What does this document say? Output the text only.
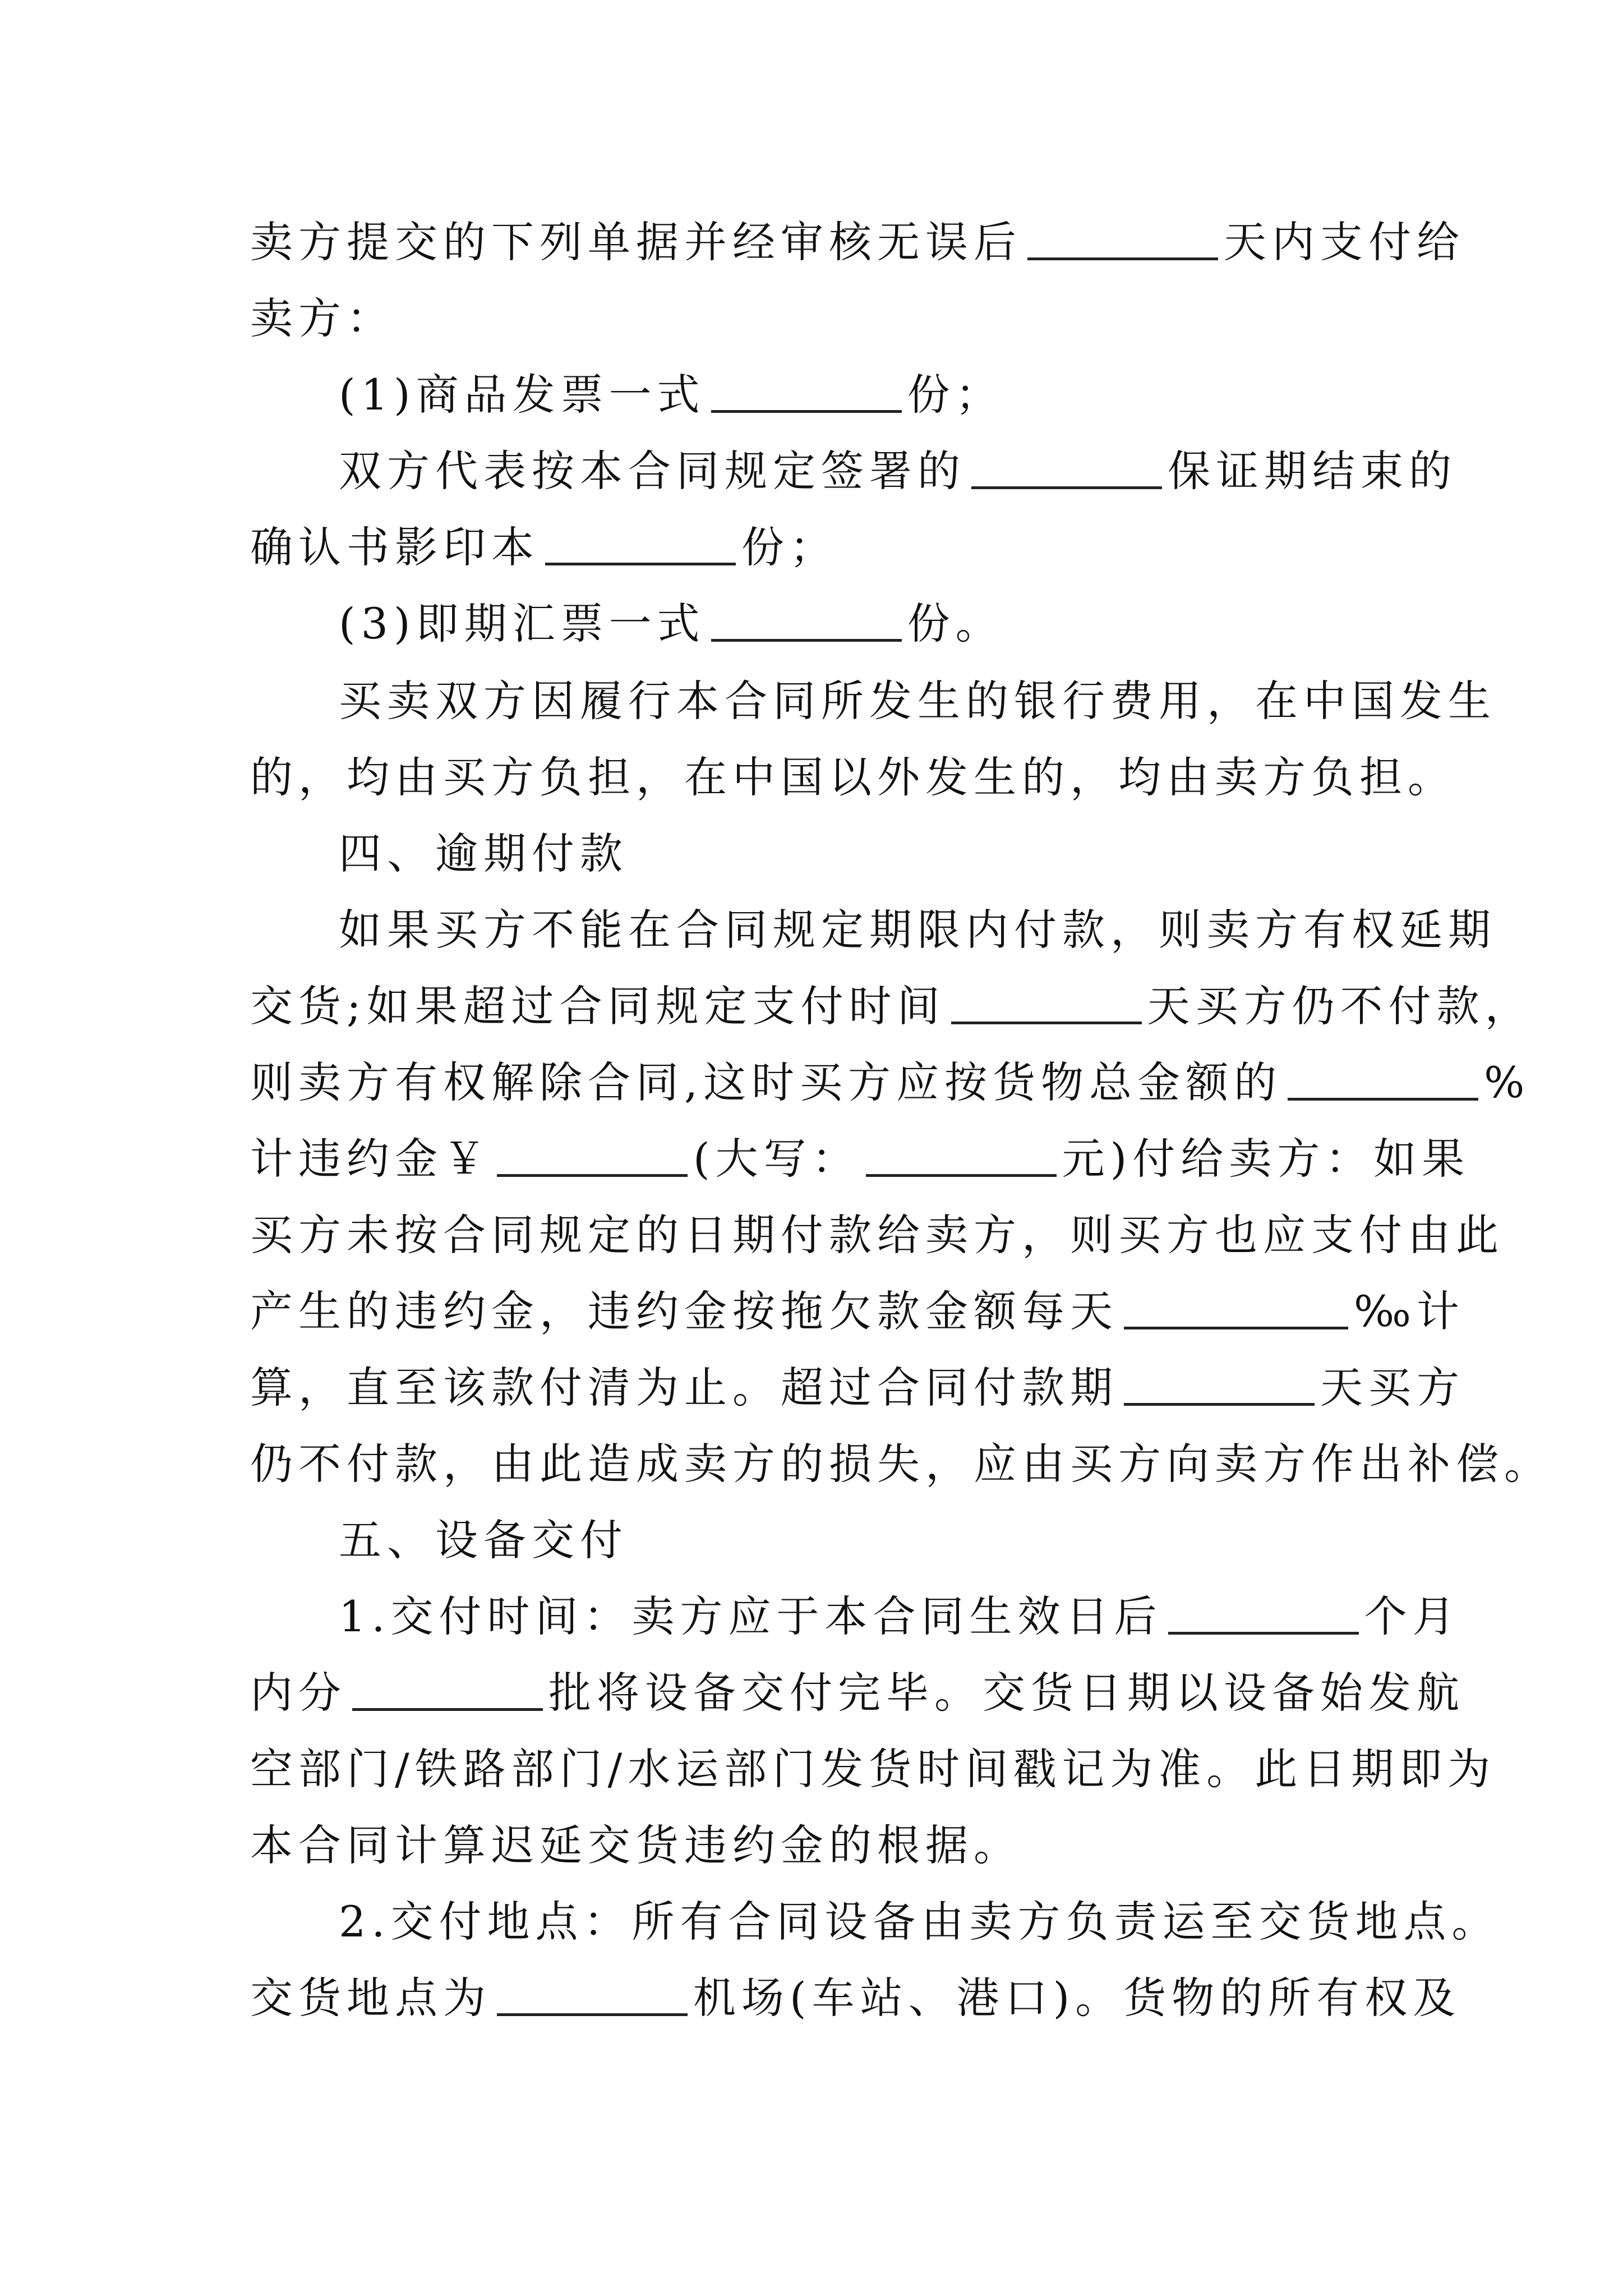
卖方提交的下列单据并经审核无误后	天内支付给
卖方：
(1)商品发票一式	份；
双方代表按本合同规定签署的	保证期结束的
确认书影印本	份；
(3)即期汇票一式	份。
买卖双方因履行本合同所发生的银行费用，在中国发生
的，均由买方负担，在中国以外发生的，均由卖方负担。
四、逾期付款
如果买方不能在合同规定期限内付款，则卖方有权延期
交货;如果超过合同规定支付时间	天买方仍不付款，
则卖方有权解除合同,这时买方应按货物总金额的	%
计违约金￥	(大写：	元)付给卖方：如果
买方未按合同规定的日期付款给卖方，则买方也应支付由此
产生的违约金，违约金按拖欠款金额每天	‰计
算，直至该款付清为止。超过合同付款期	天买方
仍不付款，由此造成卖方的损失，应由买方向卖方作出补偿。
五、设备交付
1.交付时间：卖方应于本合同生效日后	个月
内分	批将设备交付完毕。交货日期以设备始发航
空部门/铁路部门/水运部门发货时间戳记为准。此日期即为
本合同计算迟延交货违约金的根据。
2.交付地点：所有合同设备由卖方负责运至交货地点。
交货地点为	机场(车站、港口)。货物的所有权及
